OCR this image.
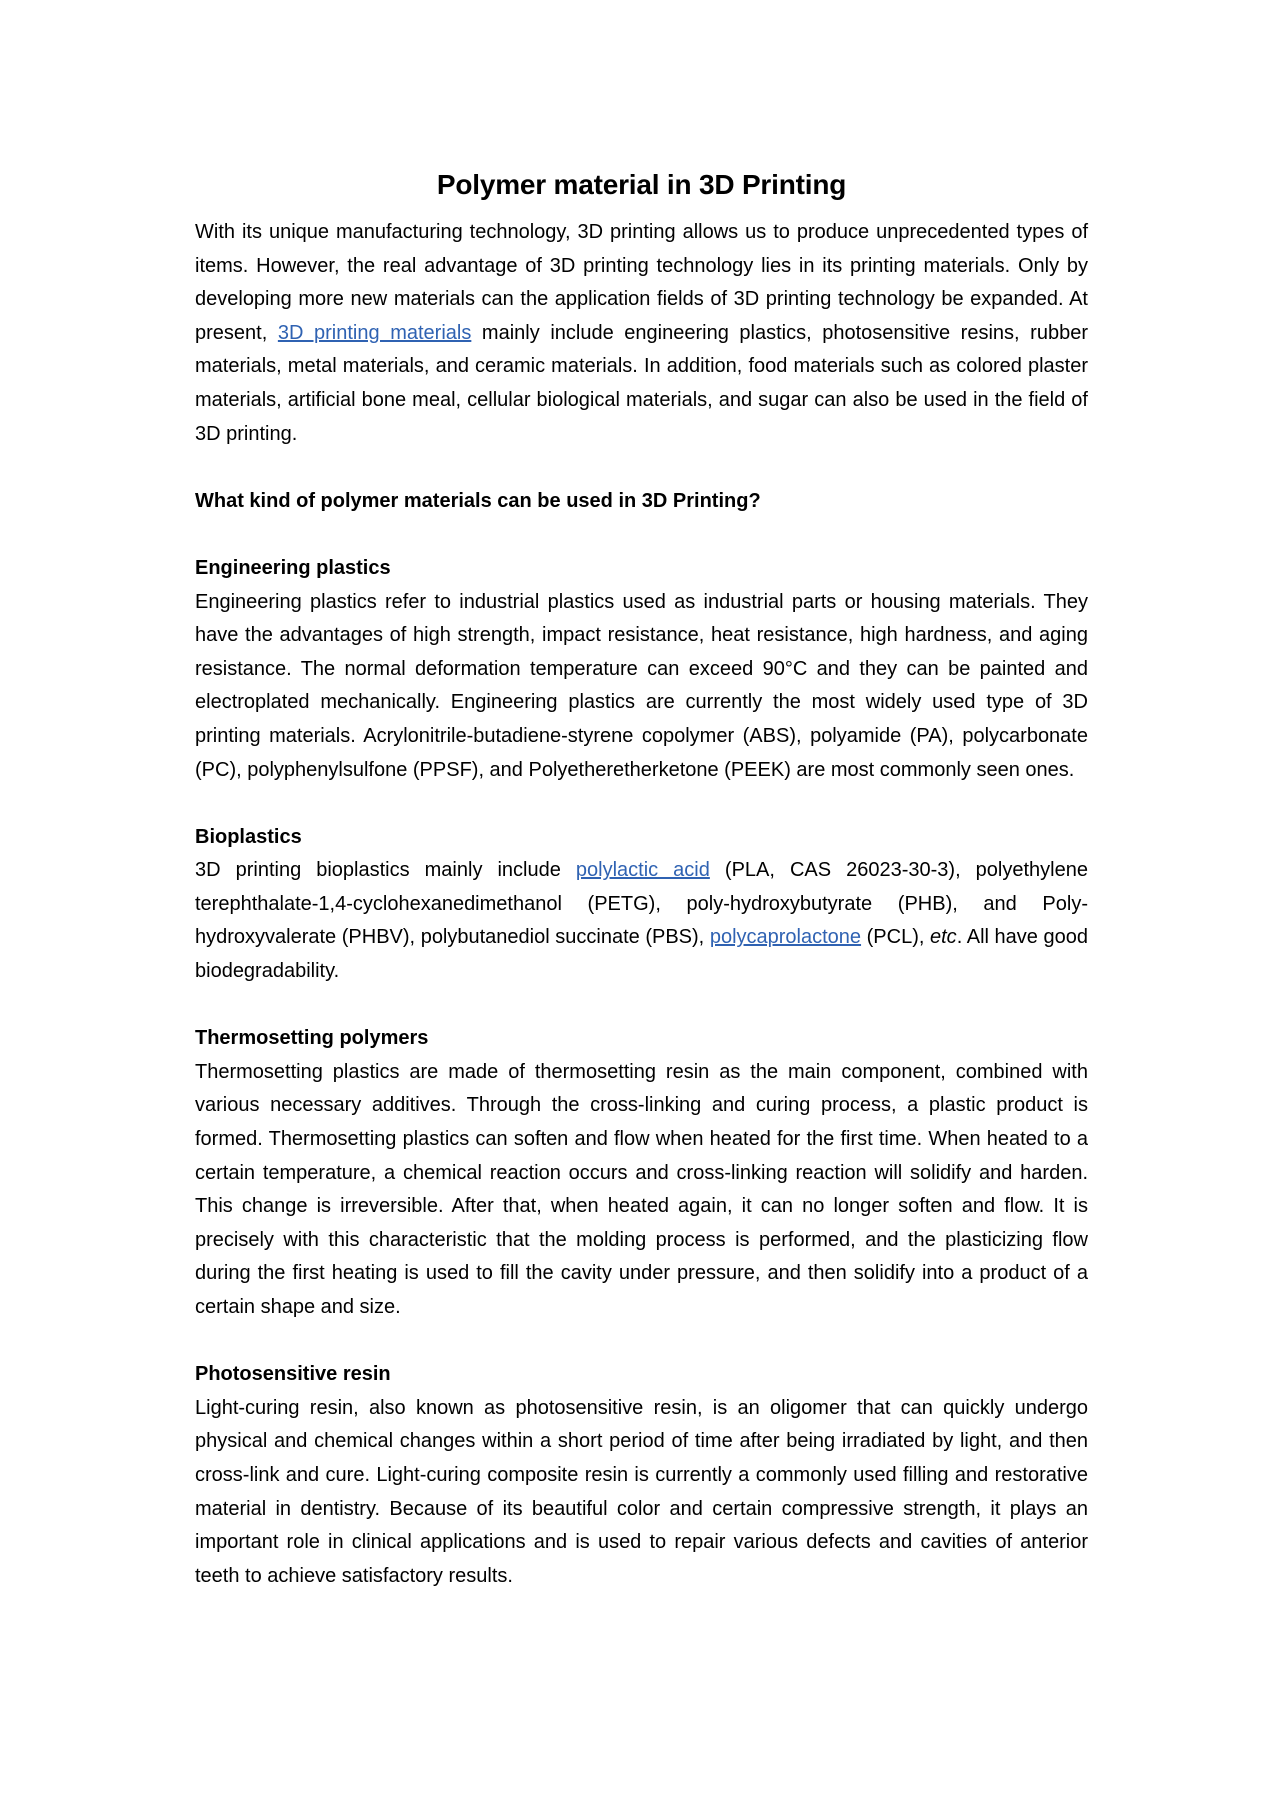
Polymer material in 3D Printing

With its unique manufacturing technology, 3D printing allows us to produce unprecedented types of items. However, the real advantage of 3D printing technology lies in its printing materials. Only by developing more new materials can the application fields of 3D printing technology be expanded. At present, 3D printing materials mainly include engineering plastics, photosensitive resins, rubber materials, metal materials, and ceramic materials. In addition, food materials such as colored plaster materials, artificial bone meal, cellular biological materials, and sugar can also be used in the field of 3D printing.

What kind of polymer materials can be used in 3D Printing?

Engineering plastics

Engineering plastics refer to industrial plastics used as industrial parts or housing materials. They have the advantages of high strength, impact resistance, heat resistance, high hardness, and aging resistance. The normal deformation temperature can exceed 90°C and they can be painted and electroplated mechanically. Engineering plastics are currently the most widely used type of 3D printing materials. Acrylonitrile-butadiene-styrene copolymer (ABS), polyamide (PA), polycarbonate (PC), polyphenylsulfone (PPSF), and Polyetheretherketone (PEEK) are most commonly seen ones.

Bioplastics

3D printing bioplastics mainly include polylactic acid (PLA, CAS 26023-30-3), polyethylene terephthalate-1,4-cyclohexanedimethanol (PETG), poly-hydroxybutyrate (PHB), and Poly-hydroxyvalerate (PHBV), polybutanediol succinate (PBS), polycaprolactone (PCL), etc. All have good biodegradability.

Thermosetting polymers

Thermosetting plastics are made of thermosetting resin as the main component, combined with various necessary additives. Through the cross-linking and curing process, a plastic product is formed. Thermosetting plastics can soften and flow when heated for the first time. When heated to a certain temperature, a chemical reaction occurs and cross-linking reaction will solidify and harden. This change is irreversible. After that, when heated again, it can no longer soften and flow. It is precisely with this characteristic that the molding process is performed, and the plasticizing flow during the first heating is used to fill the cavity under pressure, and then solidify into a product of a certain shape and size.

Photosensitive resin

Light-curing resin, also known as photosensitive resin, is an oligomer that can quickly undergo physical and chemical changes within a short period of time after being irradiated by light, and then cross-link and cure. Light-curing composite resin is currently a commonly used filling and restorative material in dentistry. Because of its beautiful color and certain compressive strength, it plays an important role in clinical applications and is used to repair various defects and cavities of anterior teeth to achieve satisfactory results.
